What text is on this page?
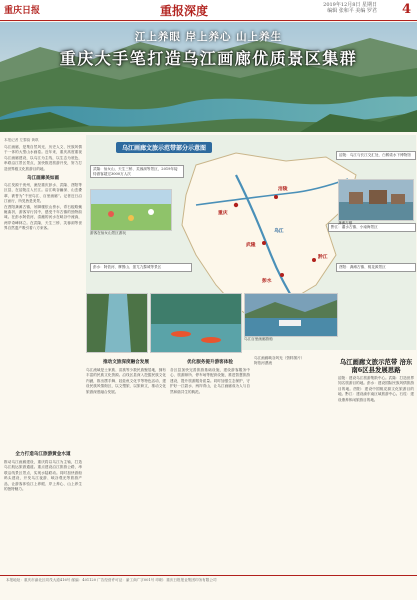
重庆日报	重报深度	2019年12月8日 星期日
编辑 张和平 美编 罗君 4
江上养眼 岸上养心 山上养生
重庆大手笔打造乌江画廊优质景区集群
本报记者 左黎韵 黄琪
乌江画廊，是集自然风光、历史人文、民族风情于一体的大型山水画卷。近年来，重庆高度重视乌江画廊建设，以乌江为主线，以生态为底色，串联沿江景区景点，加快推进旅游开发，努力打造世界级文化旅游目的地。
乌江画廊美如画
乌江发源于贵州，流经重庆彭水、武隆、酉阳等区县，在涪陵注入长江。沿江峡谷幽深、山峦叠翠，被誉为“千里乌江、百里画廊”。记者近日沿江而行，所见皆是美景。
在酉阳龚滩古镇，吊脚楼依山傍水，青石板路蜿蜒曲折，游客穿行其中，感受千年古镇的独特韵味。在彭水阿依河，清澈的河水在峡谷中流淌，两岸奇峰林立。在武隆，天生三桥、芙蓉洞等世界自然遗产吸引着八方来客。
乌江画廊文旅示范带部分示意图
武隆：仙女山、天生三桥、芙蓉洞等景区，2019年接待游客超过3000万人次
涪陵：乌江与长江交汇处，白鹤梁水下博物馆
彭水：阿依河、摩围山、蚩尤九黎城等景区	酉阳：龚滩古镇、桃花源景区
黔江：濯水古镇、小南海景区
重庆
涪陵
武隆
彭水
黔江
乌江
游客在仙女山景区游玩
龚滩古镇
乌江百里画廊游船
全力打造乌江旅游黄金水道
推动乌江画廊建设，重庆将以乌江为主轴，打造乌江航运旅游通道。重点建设沿江旅游公路，串联沿线景区景点，实现水陆联动。同时加快游船码头建设，开发乌江夜游、峡谷观光等旅游产品，让游客体验江上养眼、岸上养心、山上养生的独特魅力。
推动文旅深度融合发展
乌江流域是土家族、苗族等少数民族聚居地，拥有丰富的民族文化资源。沿线区县深入挖掘民族文化内涵，推出摆手舞、娃娃鱼文化节等特色活动，建设民族风情街区，以文塑旅、以旅彰文，推动文化旅游深度融合发展。
优化服务提升游客体验
各区县加快完善旅游基础设施，建设游客服务中心、旅游厕所、停车场等配套设施，推进智慧旅游建设，提升旅游服务质量。同时加强生态保护，守护好一江碧水、两岸青山，让乌江画廊成为人与自然和谐共生的典范。
乌江画廊峡谷风光（资料图片）
阿依河漂流	乌江画廊文旅示范带 涪东南6区县发展思路
涪陵：建设乌江旅游集散中心。武隆：打造世界知名旅游目的地。彭水：建设国际民族风情旅游目的地。酉阳：建设中国桃花源文化旅游目的地。黔江：建设渝东南区域旅游中心。石柱：建设康养休闲旅游目的地。
本报地址：重庆市渝北区同茂大道416号 邮编：401120 广告经营许可证：渝工商广字001号 印刷：重庆日报报业集团印务有限公司
